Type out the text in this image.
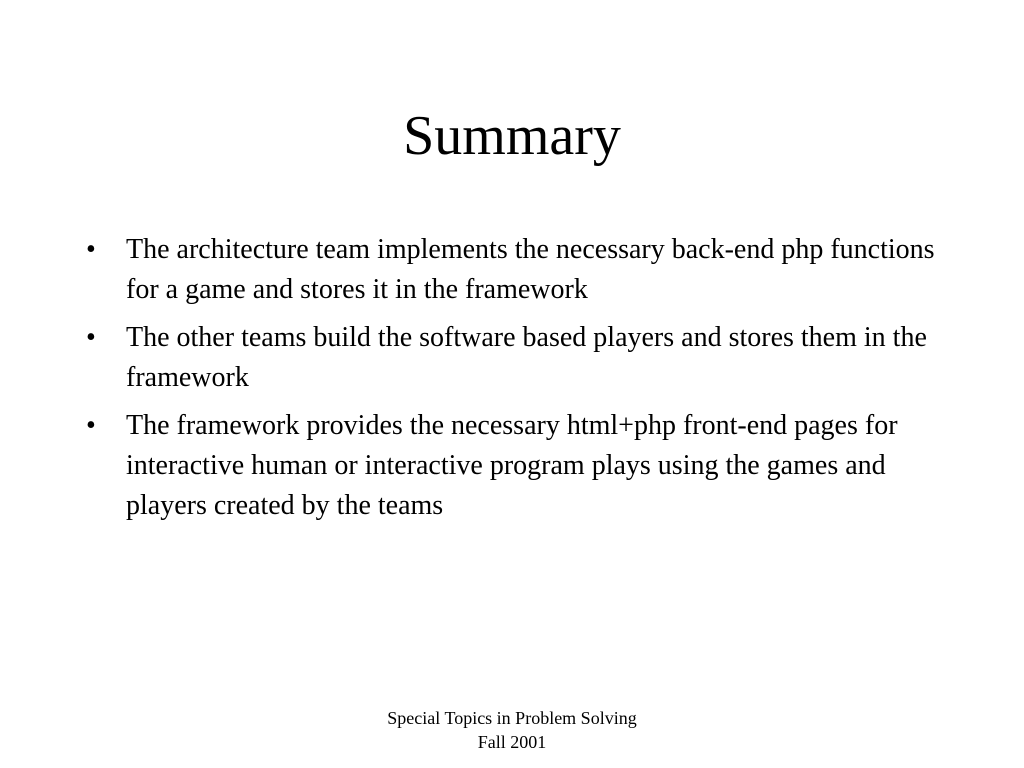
Summary
• The architecture team implements the necessary back-end php functions for a game and stores it in the framework
• The other teams build the software based players and stores them in the framework
• The framework provides the necessary html+php front-end pages for interactive human or interactive program plays using the games and players created by the teams
Special Topics in Problem Solving
Fall 2001
